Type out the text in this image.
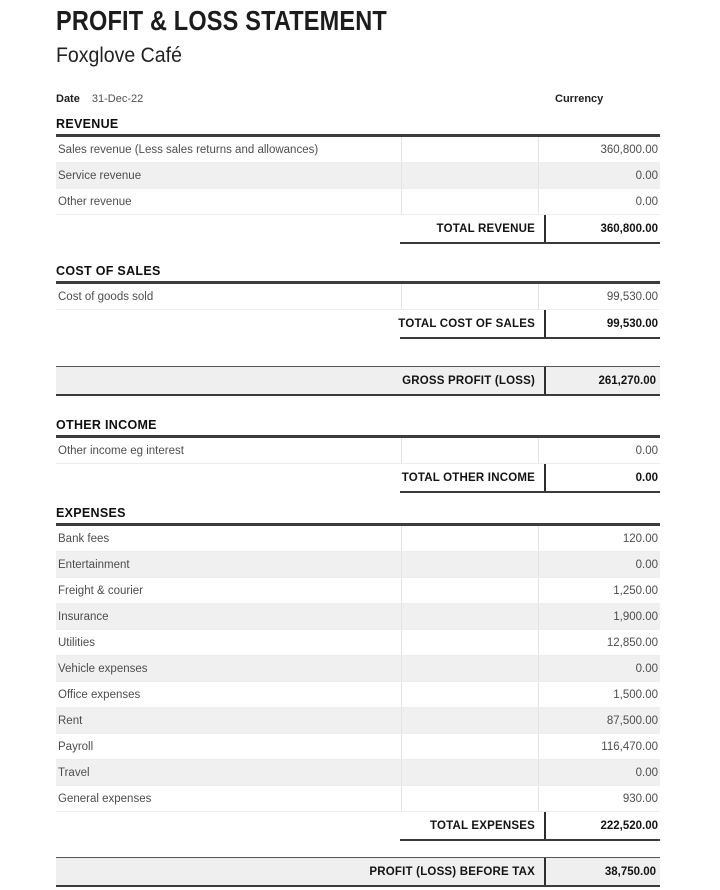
PROFIT & LOSS STATEMENT
Foxglove Café
Date 31-Dec-22	Currency
REVENUE
Sales revenue (Less sales returns and allowances)	360,800.00
Service revenue	0.00
Other revenue	0.00
TOTAL REVENUE	360,800.00
COST OF SALES
Cost of goods sold	99,530.00
TOTAL COST OF SALES	99,530.00
GROSS PROFIT (LOSS)	261,270.00
OTHER INCOME
Other income eg interest	0.00
TOTAL OTHER INCOME	0.00
EXPENSES
Bank fees	120.00
Entertainment	0.00
Freight & courier	1,250.00
Insurance	1,900.00
Utilities	12,850.00
Vehicle expenses	0.00
Office expenses	1,500.00
Rent	87,500.00
Payroll	116,470.00
Travel	0.00
General expenses	930.00
TOTAL EXPENSES	222,520.00
PROFIT (LOSS) BEFORE TAX	38,750.00
